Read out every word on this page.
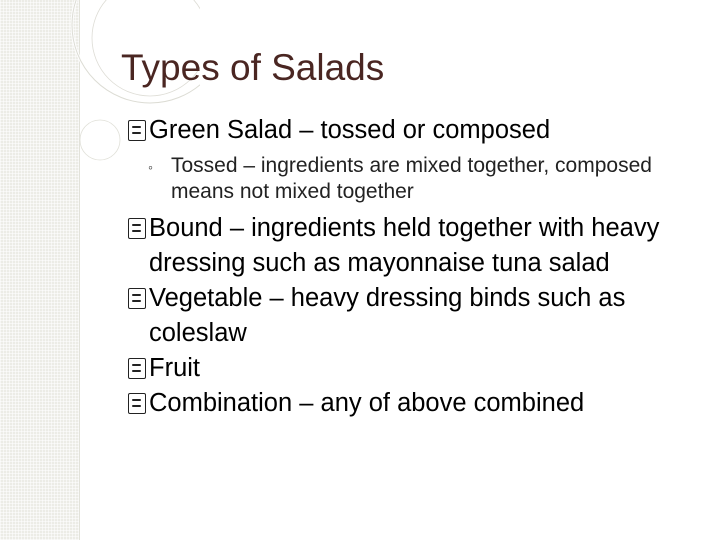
Types of Salads
Green Salad – tossed or composed
◦ Tossed – ingredients are mixed together, composed means not mixed together
Bound – ingredients held together with heavy dressing such as mayonnaise tuna salad
Vegetable – heavy dressing binds such as coleslaw
Fruit
Combination – any of above combined
